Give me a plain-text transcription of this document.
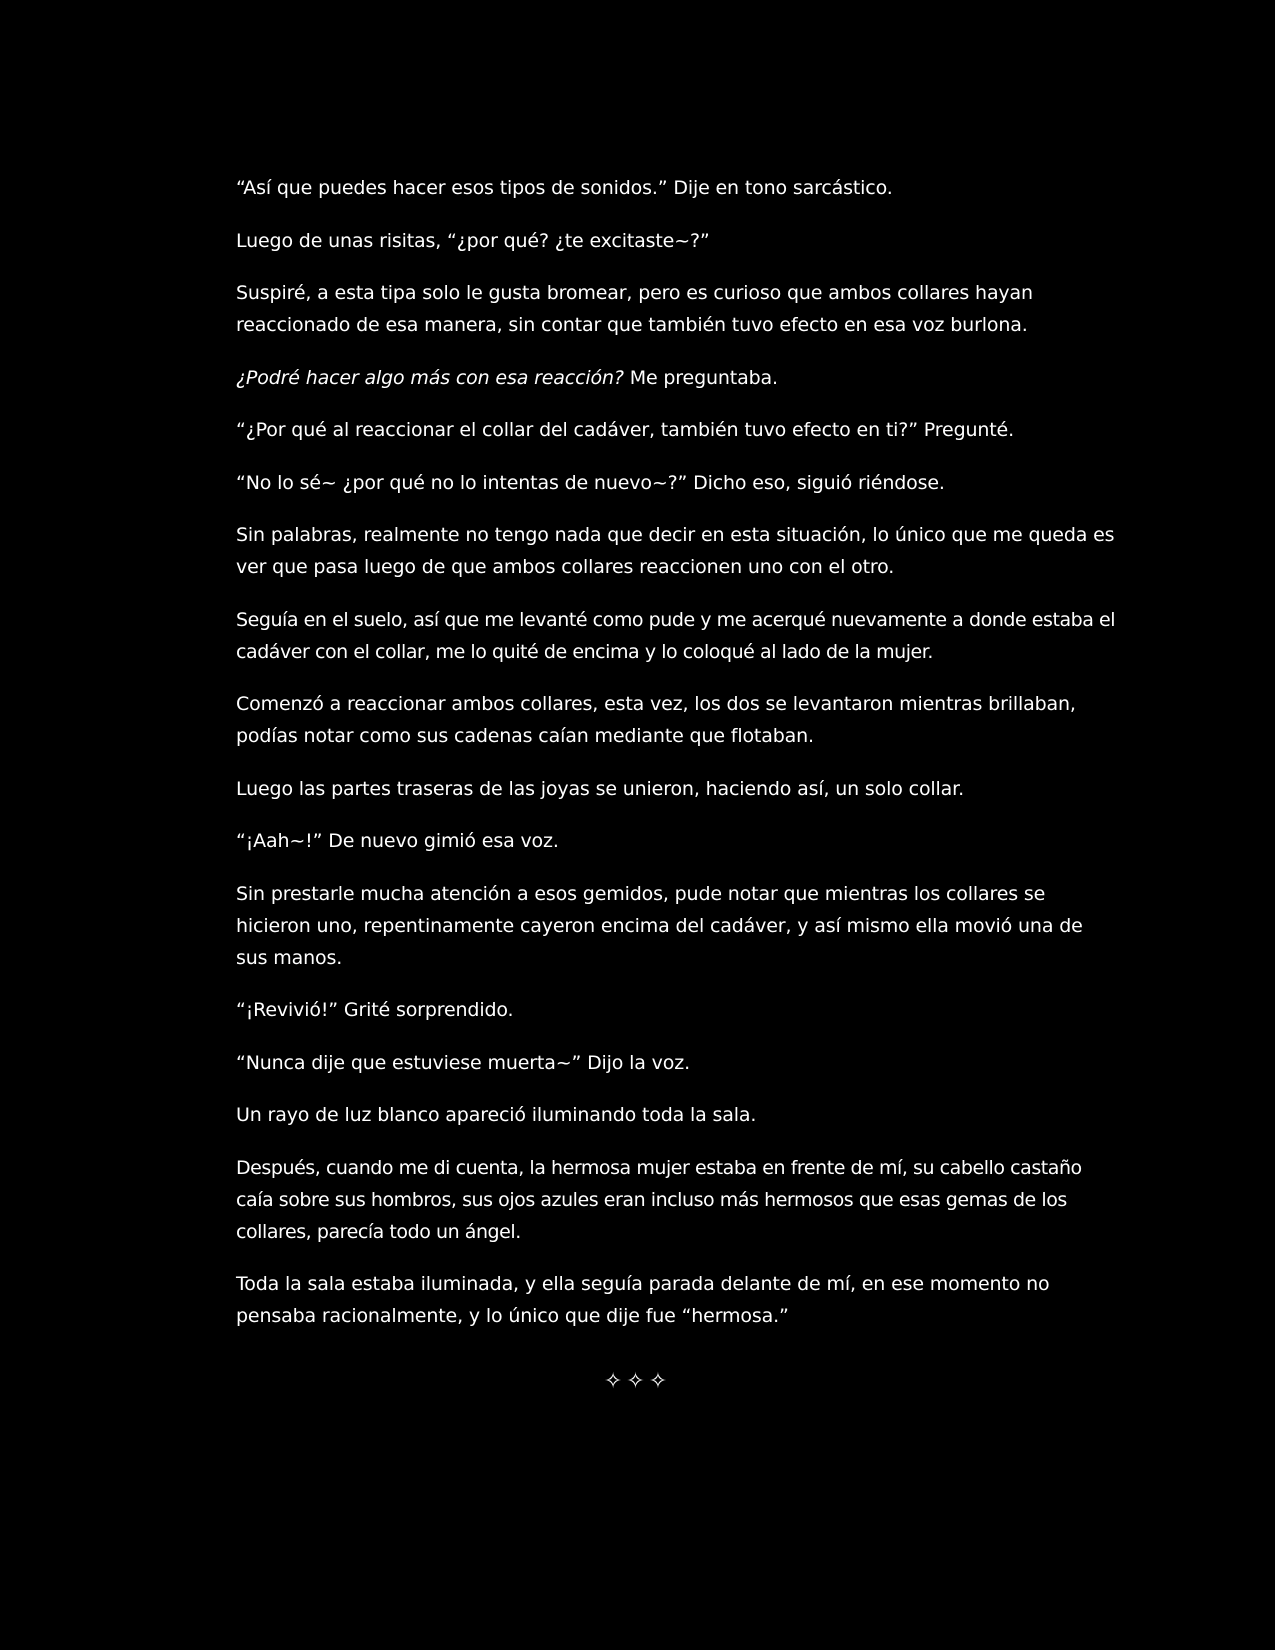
“Así que puedes hacer esos tipos de sonidos.” Dije en tono sarcástico.

Luego de unas risitas, “¿por qué? ¿te excitaste~?”

Suspiré, a esta tipa solo le gusta bromear, pero es curioso que ambos collares hayan reaccionado de esa manera, sin contar que también tuvo efecto en esa voz burlona.

¿Podré hacer algo más con esa reacción? Me preguntaba.

“¿Por qué al reaccionar el collar del cadáver, también tuvo efecto en ti?” Pregunté.

“No lo sé~ ¿por qué no lo intentas de nuevo~?” Dicho eso, siguió riéndose.

Sin palabras, realmente no tengo nada que decir en esta situación, lo único que me queda es ver que pasa luego de que ambos collares reaccionen uno con el otro.

Seguía en el suelo, así que me levanté como pude y me acerqué nuevamente a donde estaba el cadáver con el collar, me lo quité de encima y lo coloqué al lado de la mujer.

Comenzó a reaccionar ambos collares, esta vez, los dos se levantaron mientras brillaban, podías notar como sus cadenas caían mediante que flotaban.

Luego las partes traseras de las joyas se unieron, haciendo así, un solo collar.

“¡Aah~!” De nuevo gimió esa voz.

Sin prestarle mucha atención a esos gemidos, pude notar que mientras los collares se hicieron uno, repentinamente cayeron encima del cadáver, y así mismo ella movió una de sus manos.

“¡Revivió!” Grité sorprendido.

“Nunca dije que estuviese muerta~” Dijo la voz.

Un rayo de luz blanco apareció iluminando toda la sala.

Después, cuando me di cuenta, la hermosa mujer estaba en frente de mí, su cabello castaño caía sobre sus hombros, sus ojos azules eran incluso más hermosos que esas gemas de los collares, parecía todo un ángel.

Toda la sala estaba iluminada, y ella seguía parada delante de mí, en ese momento no pensaba racionalmente, y lo único que dije fue “hermosa.”

✧✧✧
